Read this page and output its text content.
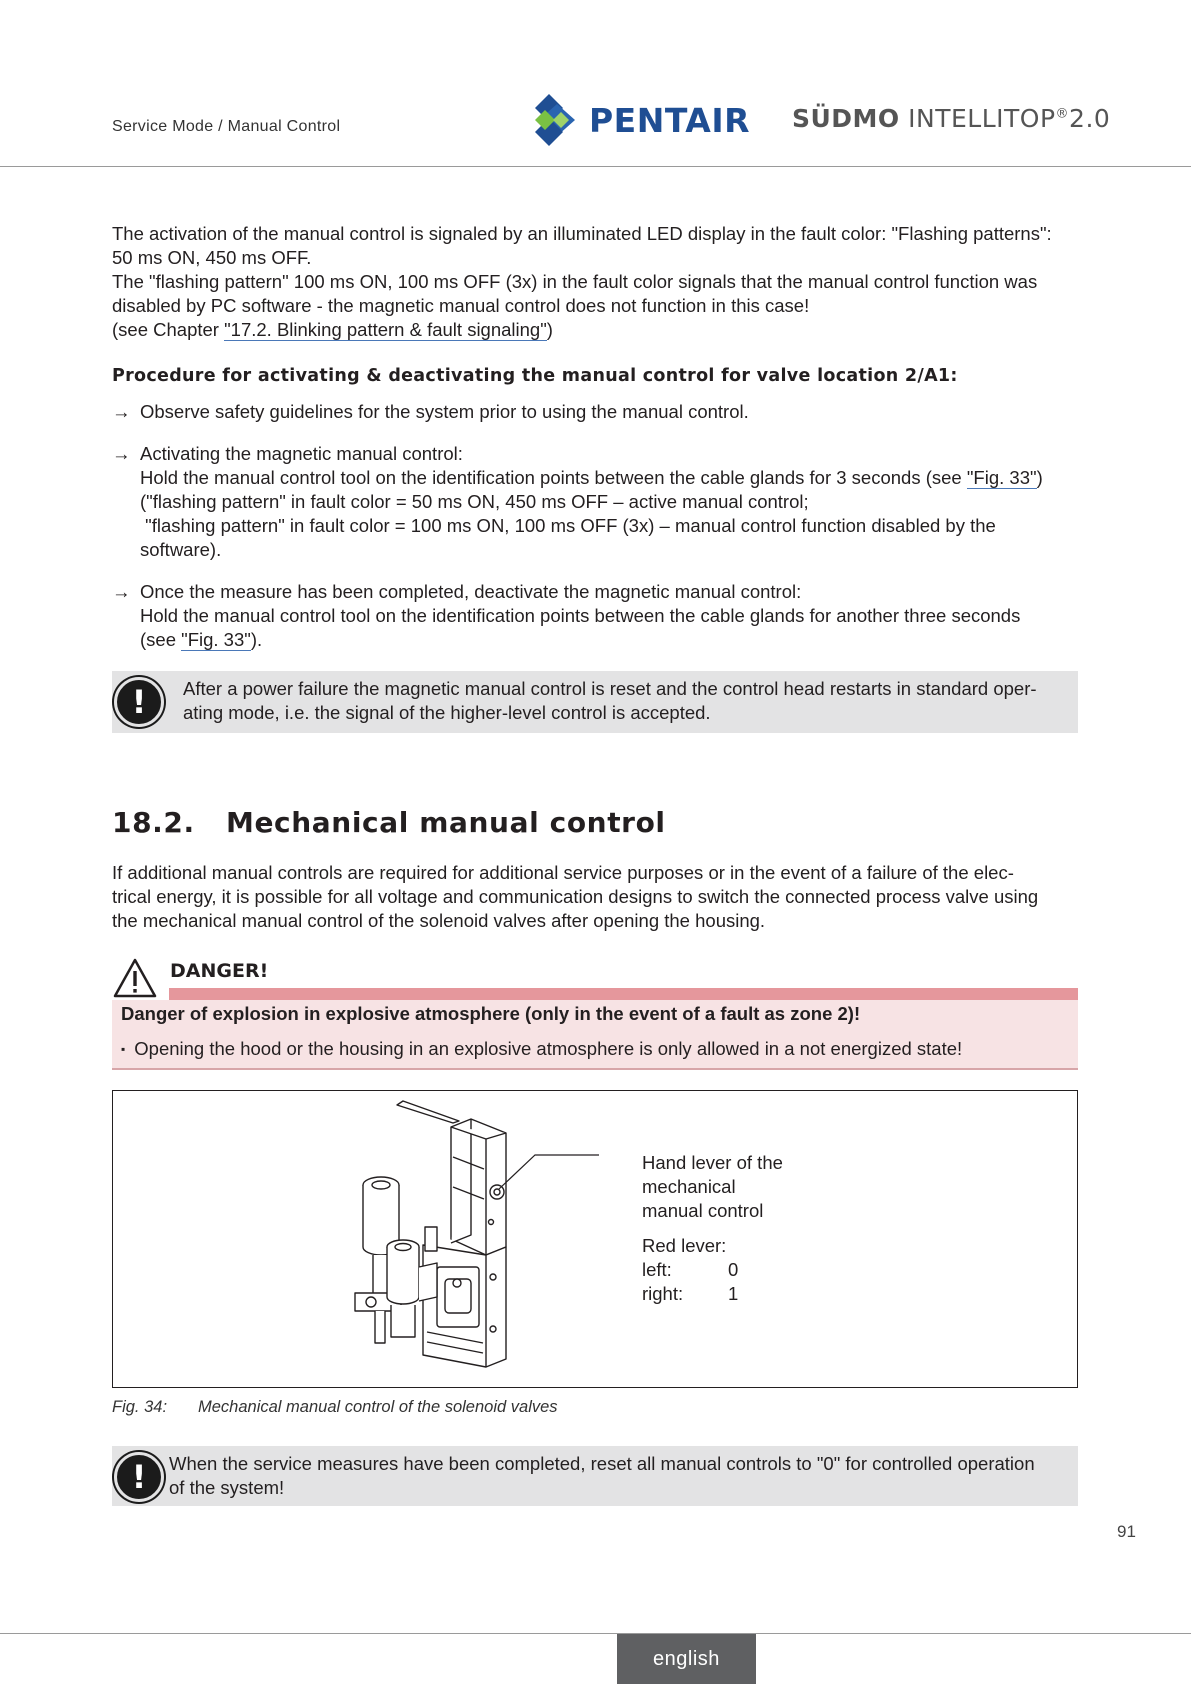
Service Mode / Manual Control	PENTAIR SÜDMO INTELLITOP®2.0
The activation of the manual control is signaled by an illuminated LED display in the fault color: "Flashing patterns":
50 ms ON, 450 ms OFF.
The "flashing pattern" 100 ms ON, 100 ms OFF (3x) in the fault color signals that the manual control function was
disabled by PC software - the magnetic manual control does not function in this case!
(see Chapter "17.2. Blinking pattern & fault signaling")
Procedure for activating & deactivating the manual control for valve location 2/A1:
→ Observe safety guidelines for the system prior to using the manual control.
→ Activating the magnetic manual control:
Hold the manual control tool on the identification points between the cable glands for 3 seconds (see "Fig. 33")
("flashing pattern" in fault color = 50 ms ON, 450 ms OFF – active manual control;
"flashing pattern" in fault color = 100 ms ON, 100 ms OFF (3x) – manual control function disabled by the
software).
→ Once the measure has been completed, deactivate the magnetic manual control:
Hold the manual control tool on the identification points between the cable glands for another three seconds
(see "Fig. 33").
!	After a power failure the magnetic manual control is reset and the control head restarts in standard oper-
ating mode, i.e. the signal of the higher-level control is accepted.
18.2. Mechanical manual control
If additional manual controls are required for additional service purposes or in the event of a failure of the elec-
trical energy, it is possible for all voltage and communication designs to switch the connected process valve using
the mechanical manual control of the solenoid valves after opening the housing.
DANGER!
Danger of explosion in explosive atmosphere (only in the event of a fault as zone 2)!
▪ Opening the hood or the housing in an explosive atmosphere is only allowed in a not energized state!
Hand lever of the
mechanical
manual control
Red lever:
left:	0
right: 1
Fig. 34: Mechanical manual control of the solenoid valves
!	When the service measures have been completed, reset all manual controls to "0" for controlled operation
of the system!
91
english
